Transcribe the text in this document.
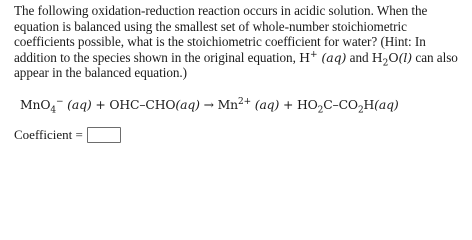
The following oxidation-reduction reaction occurs in acidic solution. When the equation is balanced using the smallest set of whole-number stoichiometric coefficients possible, what is the stoichiometric coefficient for water? (Hint: In addition to the species shown in the original equation, H+ (aq) and $H_2O(l)$ can also appear in the balanced equation.)
MnO$_4$− $(aq) + OHC-CHO(aq) \to Mn^{2+}$ $(aq) + HO_2C-CO_2H(aq)$
Coefficient =
